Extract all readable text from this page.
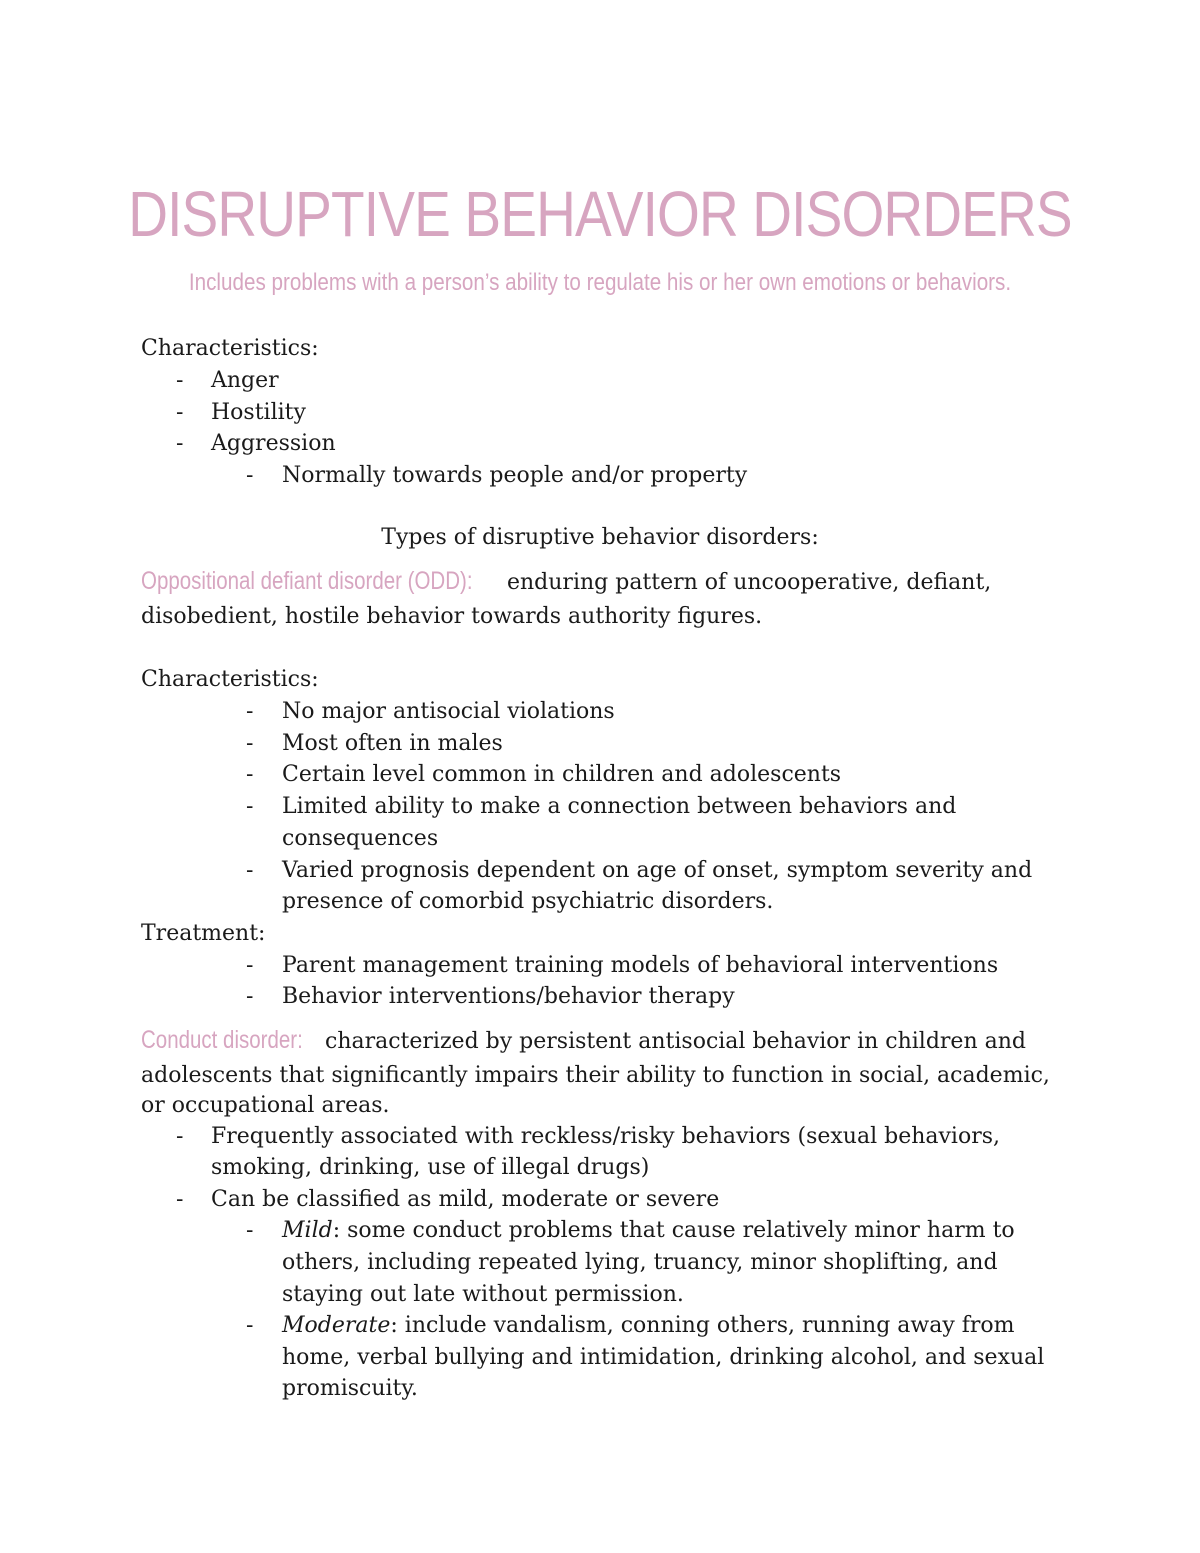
DISRUPTIVE BEHAVIOR DISORDERS

Includes problems with a person’s ability to regulate his or her own emotions or behaviors.

Characteristics:

- Anger

- Hostility

- Aggression

- Normally towards people and/or property

Types of disruptive behavior disorders:

Oppositional defiant disorder (ODD): enduring pattern of uncooperative, defiant,

disobedient, hostile behavior towards authority figures.

Characteristics:

- No major antisocial violations

- Most often in males

- Certain level common in children and adolescents

- Limited ability to make a connection between behaviors and

consequences

- Varied prognosis dependent on age of onset, symptom severity and

presence of comorbid psychiatric disorders.

Treatment:

- Parent management training models of behavioral interventions

- Behavior interventions/behavior therapy

Conduct disorder: characterized by persistent antisocial behavior in children and

adolescents that significantly impairs their ability to function in social, academic,

or occupational areas.

- Frequently associated with reckless/risky behaviors (sexual behaviors,

smoking, drinking, use of illegal drugs)

- Can be classified as mild, moderate or severe

- Mild: some conduct problems that cause relatively minor harm to

others, including repeated lying, truancy, minor shoplifting, and

staying out late without permission.

- Moderate: include vandalism, conning others, running away from

home, verbal bullying and intimidation, drinking alcohol, and sexual

promiscuity.
